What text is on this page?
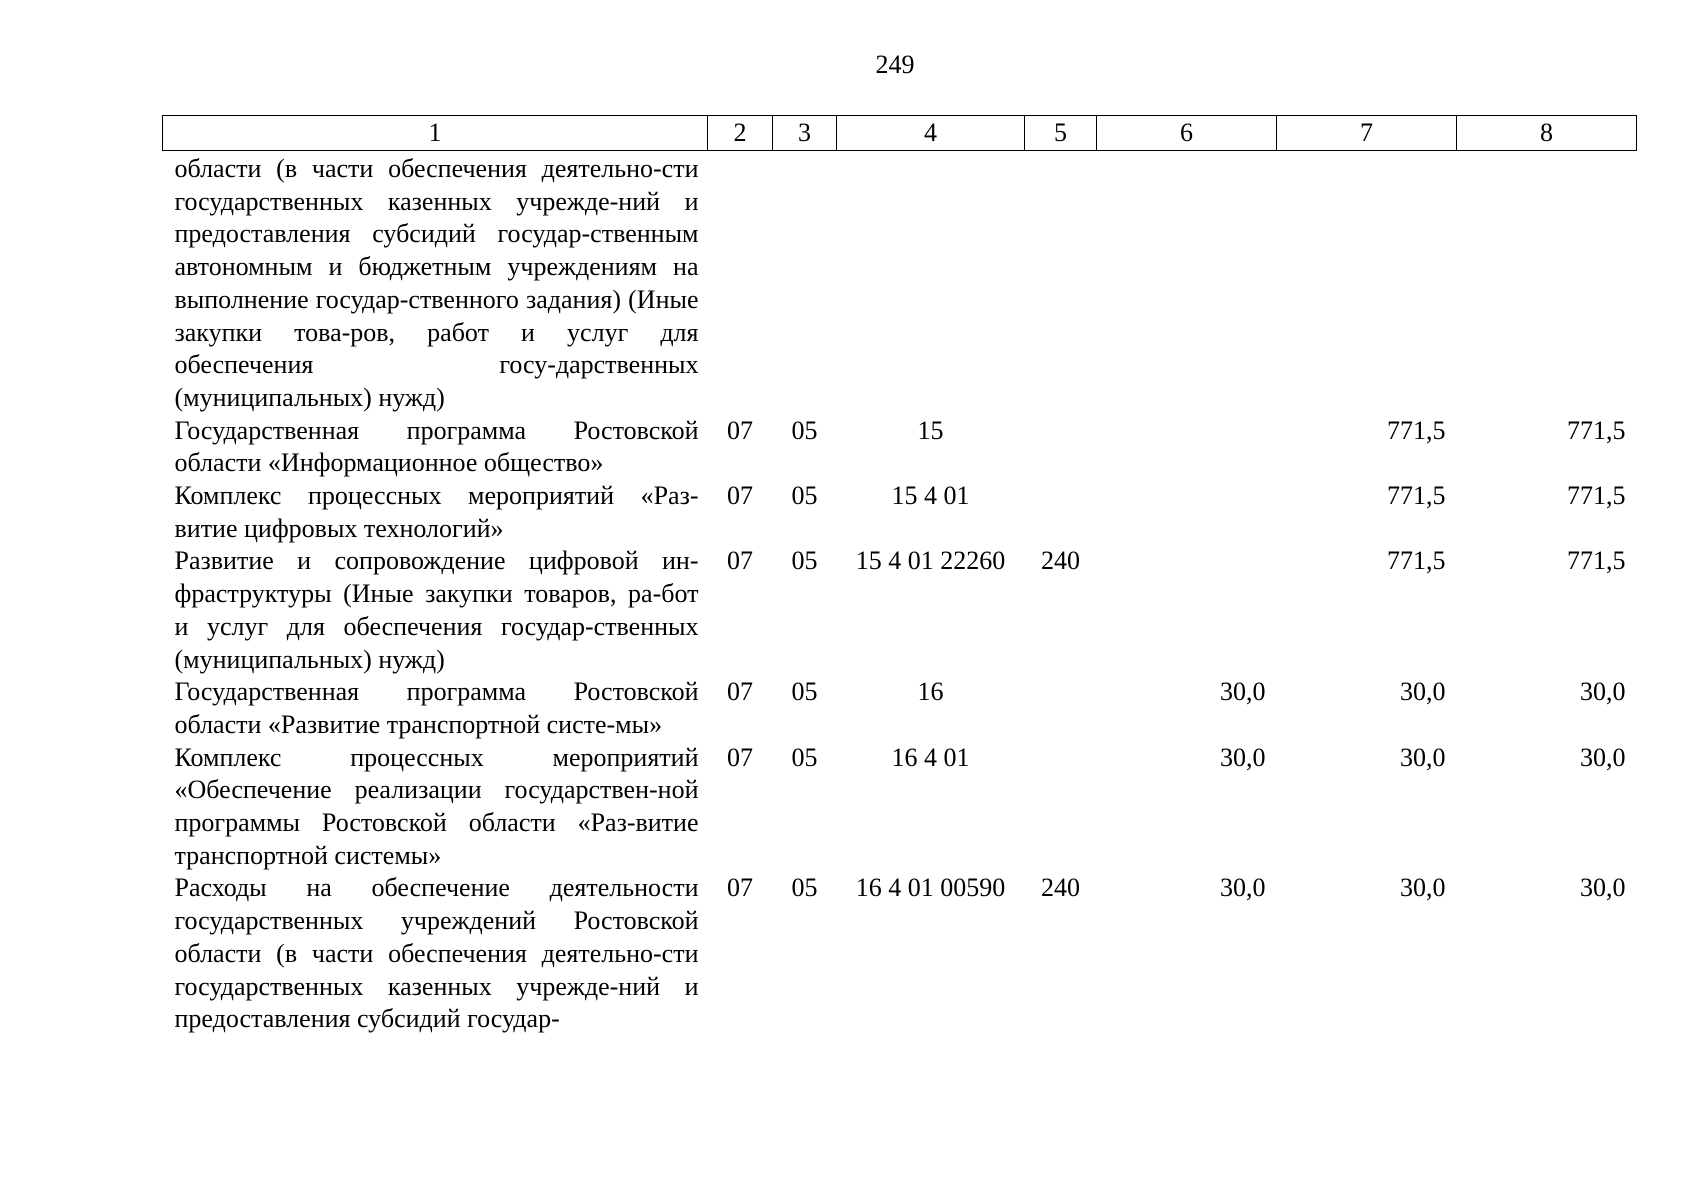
249
1	2	3	4	5	6	7	8
области (в части обеспечения деятельно-сти государственных казенных учрежде-ний и предоставления субсидий государ-ственным автономным и бюджетным учреждениям на выполнение государ-ственного задания) (Иные закупки това-ров, работ и услуг для обеспечения госу-дарственных (муниципальных) нужд)							
Государственная программа Ростовской области «Информационное общество»	07	05	15			771,5	771,5
Комплекс процессных мероприятий «Раз-витие цифровых технологий»	07	05	15 4 01			771,5	771,5
Развитие и сопровождение цифровой ин-фраструктуры (Иные закупки товаров, ра-бот и услуг для обеспечения государ-ственных (муниципальных) нужд)	07	05	15 4 01 22260	240		771,5	771,5
Государственная программа Ростовской области «Развитие транспортной систе-мы»	07	05	16		30,0	30,0	30,0
Комплекс процессных мероприятий «Обеспечение реализации государствен-ной программы Ростовской области «Раз-витие транспортной системы»	07	05	16 4 01		30,0	30,0	30,0
Расходы на обеспечение деятельности государственных учреждений Ростовской области (в части обеспечения деятельно-сти государственных казенных учрежде-ний и предоставления субсидий государ-	07	05	16 4 01 00590	240	30,0	30,0	30,0
